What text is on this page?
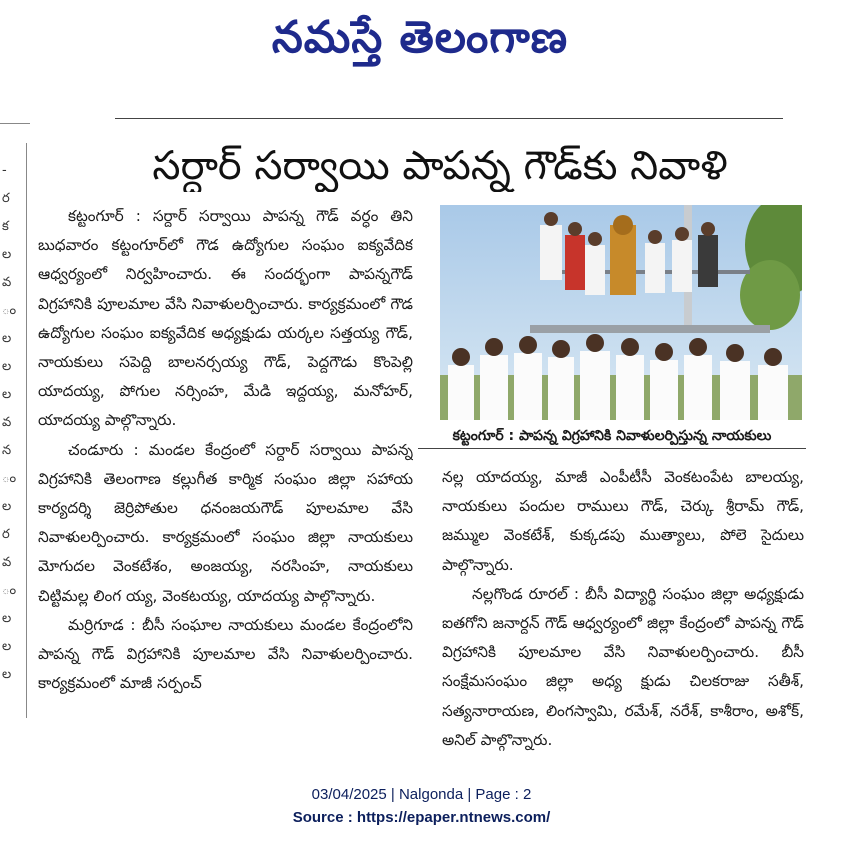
నమస్తే తెలంగాణ
-
ర
క
ల
వ
ం
ల
ల
ల
వ
న
ం
ల
ర
వ
ం
ల
ల
ల
సర్దార్ సర్వాయి పాపన్న గౌడ్‌కు నివాళి

కట్టంగూర్ : సర్దార్ సర్వాయి పాపన్న గౌడ్ వర్ధం తిని బుధవారం కట్టంగూర్‌లో గౌడ ఉద్యోగుల సంఘం ఐక్యవేదిక ఆధ్వర్యంలో నిర్వహించారు. ఈ సందర్భంగా పాపన్నగౌడ్ విగ్రహానికి పూలమాల వేసి నివాళులర్పించారు. కార్యక్రమంలో గౌడ ఉద్యోగుల సంఘం ఐక్యవేదిక అధ్యక్షుడు యర్కల సత్తయ్య గౌడ్, నాయకులు సపెద్ది బాలనర్సయ్య గౌడ్, పెద్దగౌడు కొంపెల్లి యాదయ్య, పోగుల నర్సింహ, మేడి ఇద్దయ్య, మనోహర్, యాదయ్య పాల్గొన్నారు.

చండూరు : మండల కేంద్రంలో సర్దార్ సర్వాయి పాపన్న విగ్రహానికి తెలంగాణ కల్లుగీత కార్మిక సంఘం జిల్లా సహాయ కార్యదర్శి జెర్రిపోతుల ధనంజయగౌడ్ పూలమాల వేసి నివాళులర్పించారు. కార్యక్రమంలో సంఘం జిల్లా నాయకులు మోగుదల వెంకటేశం, అంజయ్య, నరసింహ, నాయకులు చిట్టిమల్ల లింగ య్య, వెంకటయ్య, యాదయ్య పాల్గొన్నారు.

మర్రిగూడ : బీసీ సంఘాల నాయకులు మండల కేంద్రంలోని పాపన్న గౌడ్ విగ్రహానికి పూలమాల వేసి నివాళులర్పించారు. కార్యక్రమంలో మాజీ సర్పంచ్

కట్టంగూర్ : పాపన్న విగ్రహానికి నివాళులర్పిస్తున్న నాయకులు

నల్ల యాదయ్య, మాజీ ఎంపీటీసీ వెంకటంపేట బాలయ్య, నాయకులు పందుల రాములు గౌడ్, చెర్కు శ్రీరామ్ గౌడ్, జమ్ముల వెంకటేశ్, కుక్కడపు ముత్యాలు, పోలె సైదులు పాల్గొన్నారు.

నల్లగొండ రూరల్ : బీసీ విద్యార్థి సంఘం జిల్లా అధ్యక్షుడు ఐతగోని జనార్దన్ గౌడ్ ఆధ్వర్యంలో జిల్లా కేంద్రంలో పాపన్న గౌడ్ విగ్రహానికి పూలమాల వేసి నివాళులర్పించారు. బీసీ సంక్షేమసంఘం జిల్లా అధ్య క్షుడు చిలకరాజు సతీశ్, సత్యనారాయణ, లింగస్వామి, రమేశ్, నరేశ్, కాశీరాం, అశోక్, అనిల్ పాల్గొన్నారు.

03/04/2025 | Nalgonda | Page : 2
Source : https://epaper.ntnews.com/
